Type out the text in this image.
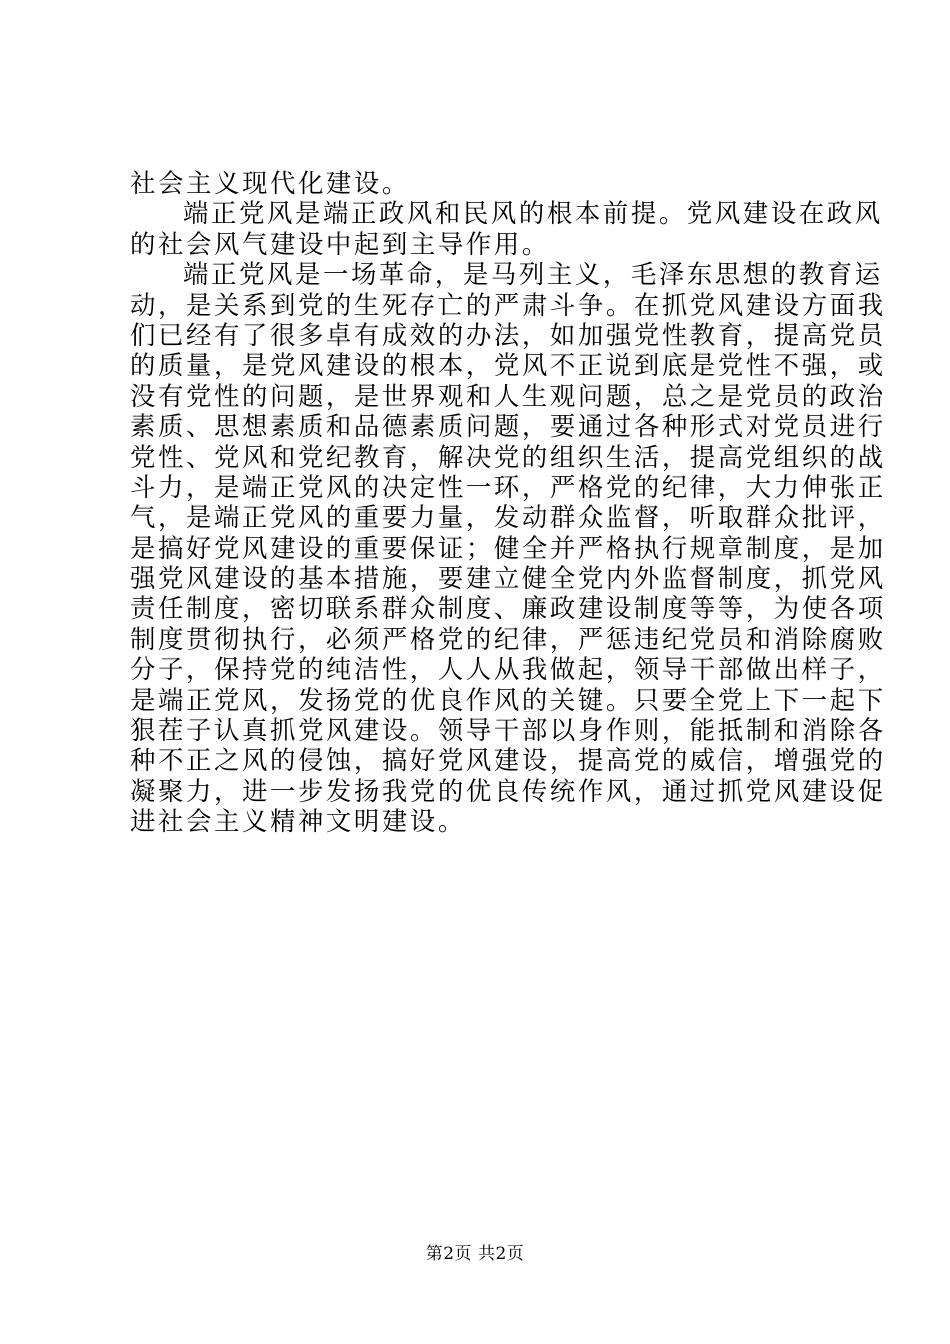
社会主义现代化建设。
端正党风是端正政风和民风的根本前提。党风建设在政风
的社会风气建设中起到主导作用。
端正党风是一场革命，是马列主义，毛泽东思想的教育运
动，是关系到党的生死存亡的严肃斗争。在抓党风建设方面我
们已经有了很多卓有成效的办法，如加强党性教育，提高党员
的质量，是党风建设的根本，党风不正说到底是党性不强，或
没有党性的问题，是世界观和人生观问题，总之是党员的政治
素质、思想素质和品德素质问题，要通过各种形式对党员进行
党性、党风和党纪教育，解决党的组织生活，提高党组织的战
斗力，是端正党风的决定性一环，严格党的纪律，大力伸张正
气，是端正党风的重要力量，发动群众监督，听取群众批评，
是搞好党风建设的重要保证；健全并严格执行规章制度，是加
强党风建设的基本措施，要建立健全党内外监督制度，抓党风
责任制度，密切联系群众制度、廉政建设制度等等，为使各项
制度贯彻执行，必须严格党的纪律，严惩违纪党员和消除腐败
分子，保持党的纯洁性，人人从我做起，领导干部做出样子，
是端正党风，发扬党的优良作风的关键。只要全党上下一起下
狠茬子认真抓党风建设。领导干部以身作则，能抵制和消除各
种不正之风的侵蚀，搞好党风建设，提高党的威信，增强党的
凝聚力，进一步发扬我党的优良传统作风，通过抓党风建设促
进社会主义精神文明建设。
第2页 共2页
